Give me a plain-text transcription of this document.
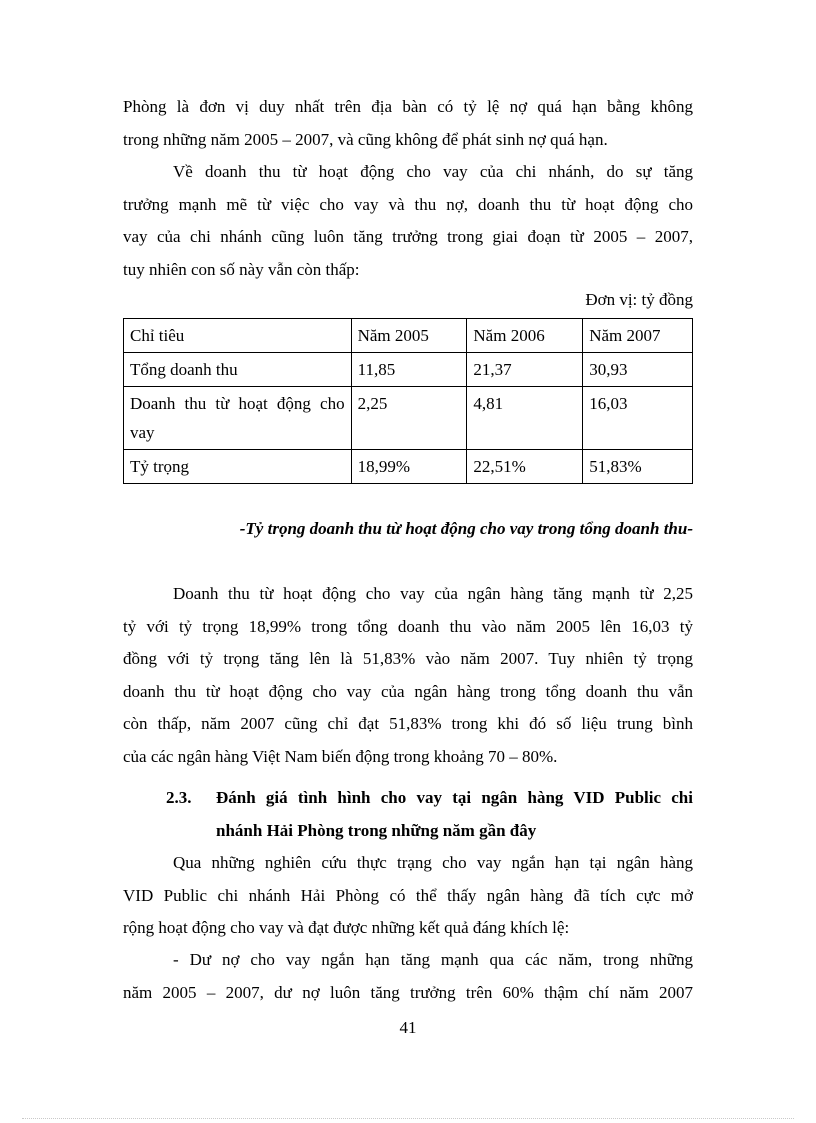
Phòng là đơn vị duy nhất trên địa bàn có tỷ lệ nợ quá hạn bằng không
trong những năm 2005 – 2007, và cũng không để phát sinh nợ quá hạn.

Về doanh thu từ hoạt động cho vay của chi nhánh, do sự tăng
trưởng mạnh mẽ từ việc cho vay và thu nợ, doanh thu từ hoạt động cho
vay của chi nhánh cũng luôn tăng trưởng trong giai đoạn từ 2005 – 2007,
tuy nhiên con số này vẫn còn thấp:

Đơn vị: tỷ đồng
Chỉ tiêu	Năm 2005	Năm 2006	Năm 2007
Tổng doanh thu	11,85	21,37	30,93
Doanh thu từ hoạt động cho vay	2,25	4,81	16,03
Tỷ trọng	18,99%	22,51%	51,83%
-Tỷ trọng doanh thu từ hoạt động cho vay trong tổng doanh thu-

Doanh thu từ hoạt động cho vay của ngân hàng tăng mạnh từ 2,25
tỷ với tỷ trọng 18,99% trong tổng doanh thu vào năm 2005 lên 16,03 tỷ
đồng với tỷ trọng tăng lên là 51,83% vào năm 2007. Tuy nhiên tỷ trọng
doanh thu từ hoạt động cho vay của ngân hàng trong tổng doanh thu vẫn
còn thấp, năm 2007 cũng chỉ đạt 51,83% trong khi đó số liệu trung bình
của các ngân hàng Việt Nam biến động trong khoảng 70 – 80%.

2.3. Đánh giá tình hình cho vay tại ngân hàng VID Public chi
nhánh Hải Phòng trong những năm gần đây

Qua những nghiên cứu thực trạng cho vay ngắn hạn tại ngân hàng
VID Public chi nhánh Hải Phòng có thể thấy ngân hàng đã tích cực mở
rộng hoạt động cho vay và đạt được những kết quả đáng khích lệ:

- Dư nợ cho vay ngắn hạn tăng mạnh qua các năm, trong những
năm 2005 – 2007, dư nợ luôn tăng trưởng trên 60% thậm chí năm 2007

41
